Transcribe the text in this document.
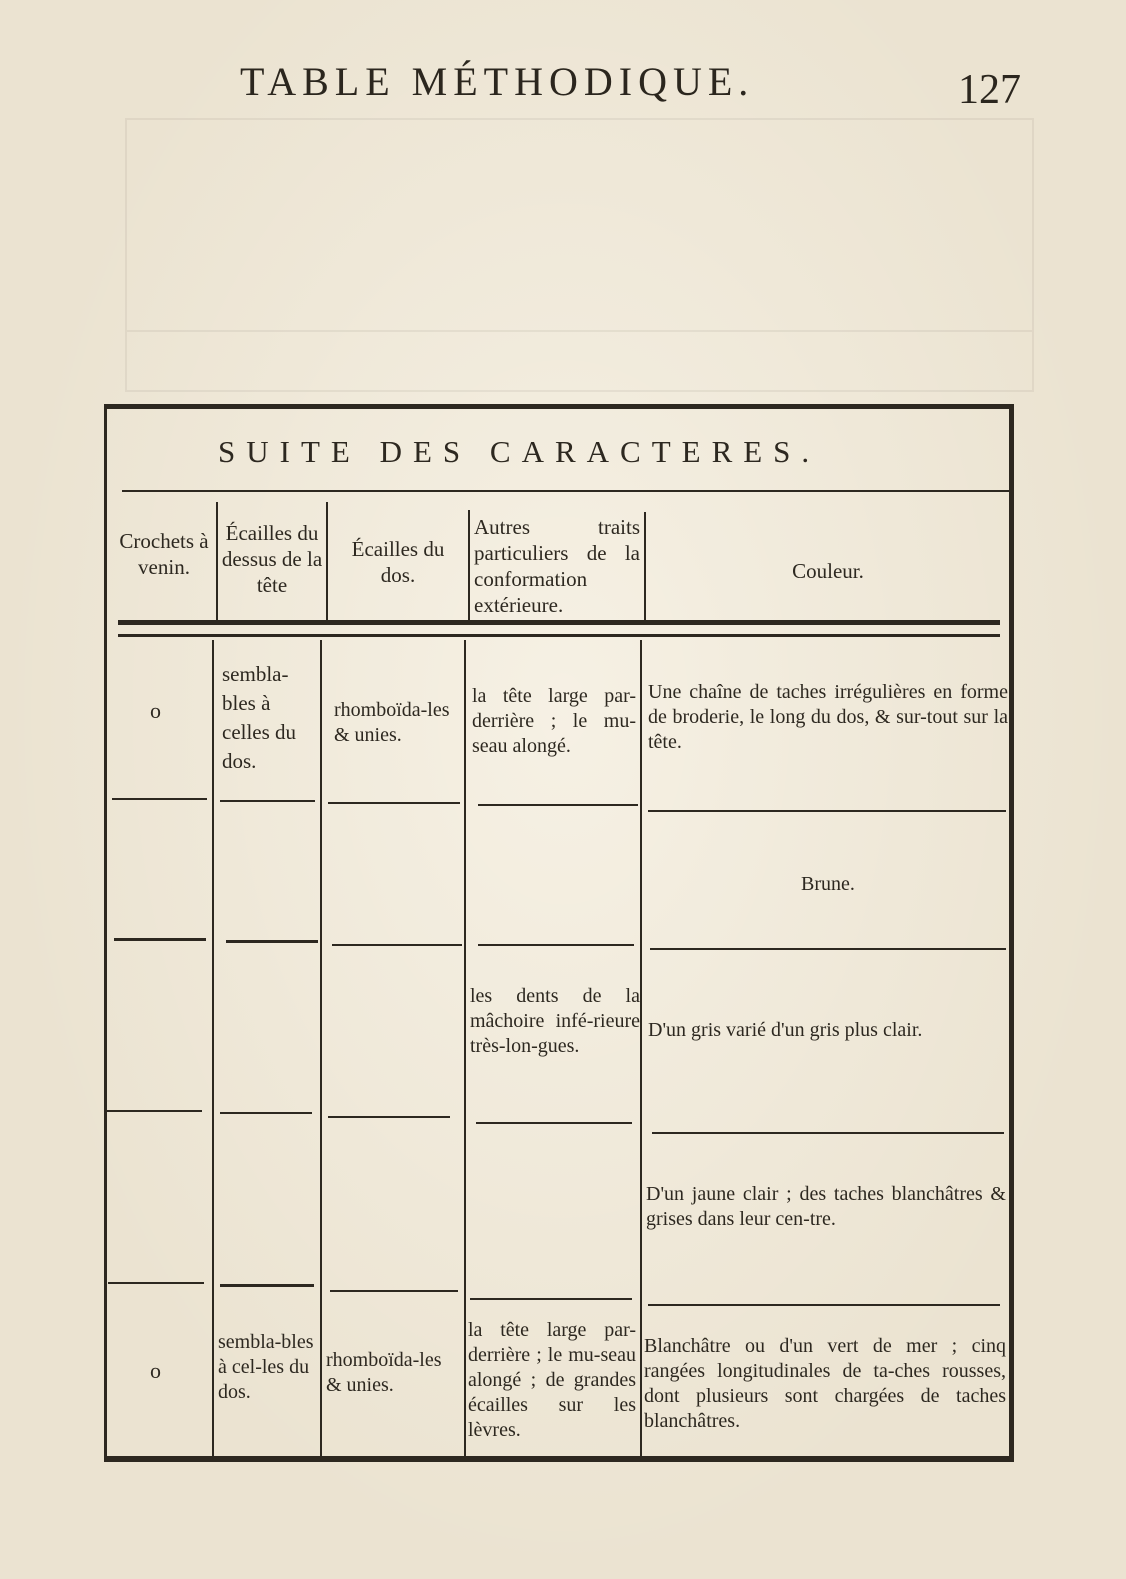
TABLE MÉTHODIQUE.	127
SUITE DES CARACTERES.
Crochets à venin.
Écailles du dessus de la tête
Écailles du dos.
Autres traits particuliers de la conformation extérieure.
Couleur.
o
sembla-bles à celles du dos.
rhomboïda-les & unies.
la tête large par-derrière ; le mu-seau alongé.
Une chaîne de taches irrégulières en forme de broderie, le long du dos, & sur-tout sur la tête.
Brune.
les dents de la mâchoire infé-rieure très-lon-gues.
D'un gris varié d'un gris plus clair.
D'un jaune clair ; des taches blanchâtres & grises dans leur cen-tre.
o
sembla-bles à cel-les du dos.
rhomboïda-les & unies.
la tête large par-derrière ; le mu-seau alongé ; de grandes écailles sur les lèvres.
Blanchâtre ou d'un vert de mer ; cinq rangées longitudinales de ta-ches rousses, dont plusieurs sont chargées de taches blanchâtres.
